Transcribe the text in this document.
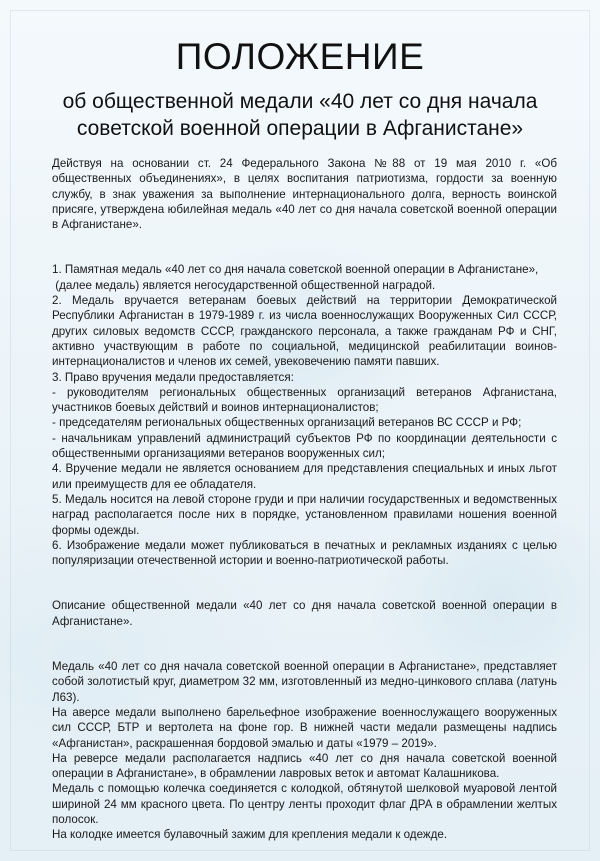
ПОЛОЖЕНИЕ
об общественной медали «40 лет со дня начала
советской военной операции в Афганистане»

Действуя на основании ст. 24 Федерального Закона №88 от 19 мая 2010 г. «Об общественных объединениях», в целях воспитания патриотизма, гордости за военную службу, в знак уважения за выполнение интернационального долга, верность воинской присяге, утверждена юбилейная медаль «40 лет со дня начала советской военной операции в Афганистане».

1. Памятная медаль «40 лет со дня начала советской военной операции в Афганистане»,

(далее медаль) является негосударственной общественной наградой.

2. Медаль вручается ветеранам боевых действий на территории Демократической Республики Афганистан в 1979-1989 г. из числа военнослужащих Вооруженных Сил СССР, других силовых ведомств СССР, гражданского персонала, а также гражданам РФ и СНГ, активно участвующим в работе по социальной, медицинской реабилитации воинов- интернационалистов и членов их семей, увековечению памяти павших.

3. Право вручения медали предоставляется:

- руководителям региональных общественных организаций ветеранов Афганистана, участников боевых действий и воинов интернационалистов;

- председателям региональных общественных организаций ветеранов ВС СССР и РФ;

- начальникам управлений администраций субъектов РФ по координации деятельности с общественными организациями ветеранов вооруженных сил;

4. Вручение медали не является основанием для представления специальных и иных льгот или преимуществ для ее обладателя.

5. Медаль носится на левой стороне груди и при наличии государственных и ведомственных наград располагается после них в порядке, установленном правилами ношения военной формы одежды.

6. Изображение медали может публиковаться в печатных и рекламных изданиях с целью популяризации отечественной истории и военно-патриотической работы.

Описание общественной медали «40 лет со дня начала советской военной операции в Афганистане».

Медаль «40 лет со дня начала советской военной операции в Афганистане», представляет собой золотистый круг, диаметром 32 мм, изготовленный из медно-цинкового сплава (латунь Л63).

На аверсе медали выполнено барельефное изображение военнослужащего вооруженных сил СССР, БТР и вертолета на фоне гор. В нижней части медали размещены надпись «Афганистан», раскрашенная бордовой эмалью и даты «1979 – 2019».

На реверсе медали располагается надпись «40 лет со дня начала советской военной операции в Афганистане», в обрамлении лавровых веток и автомат Калашникова.

Медаль с помощью колечка соединяется с колодкой, обтянутой шелковой муаровой лентой шириной 24 мм красного цвета. По центру ленты проходит флаг ДРА в обрамлении желтых полосок.

На колодке имеется булавочный зажим для крепления медали к одежде.
